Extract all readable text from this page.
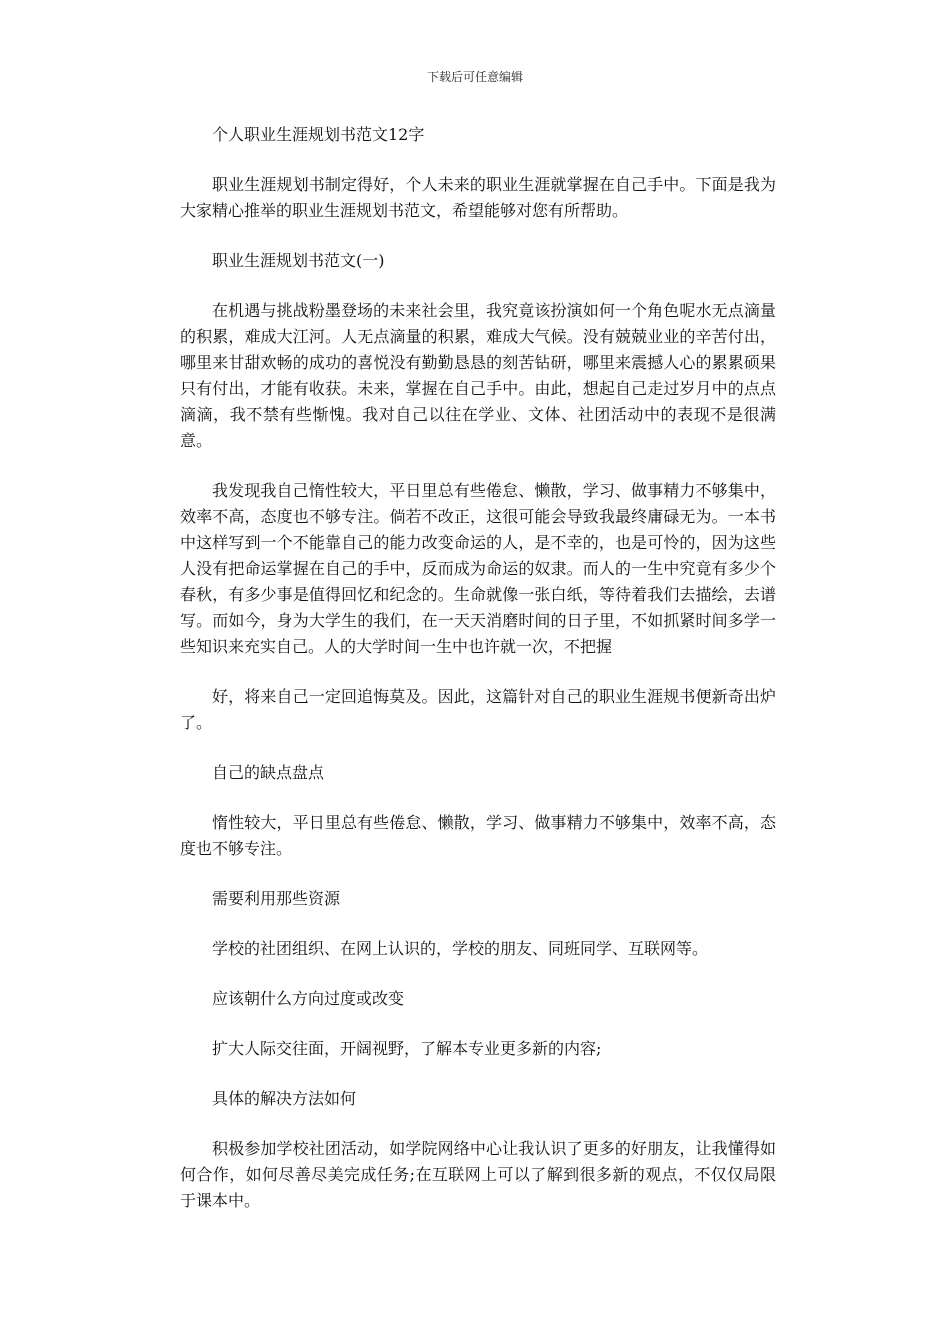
下载后可任意编辑

个人职业生涯规划书范文12字

职业生涯规划书制定得好，个人未来的职业生涯就掌握在自己手中。下面是我为大家精心推举的职业生涯规划书范文，希望能够对您有所帮助。

职业生涯规划书范文(一)

在机遇与挑战粉墨登场的未来社会里，我究竟该扮演如何一个角色呢水无点滴量的积累，难成大江河。人无点滴量的积累，难成大气候。没有兢兢业业的辛苦付出，哪里来甘甜欢畅的成功的喜悦没有勤勤恳恳的刻苦钻研，哪里来震撼人心的累累硕果只有付出，才能有收获。未来，掌握在自己手中。由此，想起自己走过岁月中的点点滴滴，我不禁有些惭愧。我对自己以往在学业、文体、社团活动中的表现不是很满意。

我发现我自己惰性较大，平日里总有些倦怠、懒散，学习、做事精力不够集中，效率不高，态度也不够专注。倘若不改正，这很可能会导致我最终庸碌无为。一本书中这样写到一个不能靠自己的能力改变命运的人，是不幸的，也是可怜的，因为这些人没有把命运掌握在自己的手中，反而成为命运的奴隶。而人的一生中究竟有多少个春秋，有多少事是值得回忆和纪念的。生命就像一张白纸，等待着我们去描绘，去谱写。而如今，身为大学生的我们，在一天天消磨时间的日子里，不如抓紧时间多学一些知识来充实自己。人的大学时间一生中也许就一次，不把握

好，将来自己一定回追悔莫及。因此，这篇针对自己的职业生涯规书便新奇出炉了。

自己的缺点盘点

惰性较大，平日里总有些倦怠、懒散，学习、做事精力不够集中，效率不高，态度也不够专注。

需要利用那些资源

学校的社团组织、在网上认识的，学校的朋友、同班同学、互联网等。

应该朝什么方向过度或改变

扩大人际交往面，开阔视野，了解本专业更多新的内容;

具体的解决方法如何

积极参加学校社团活动，如学院网络中心让我认识了更多的好朋友，让我懂得如何合作，如何尽善尽美完成任务;在互联网上可以了解到很多新的观点，不仅仅局限于课本中。
